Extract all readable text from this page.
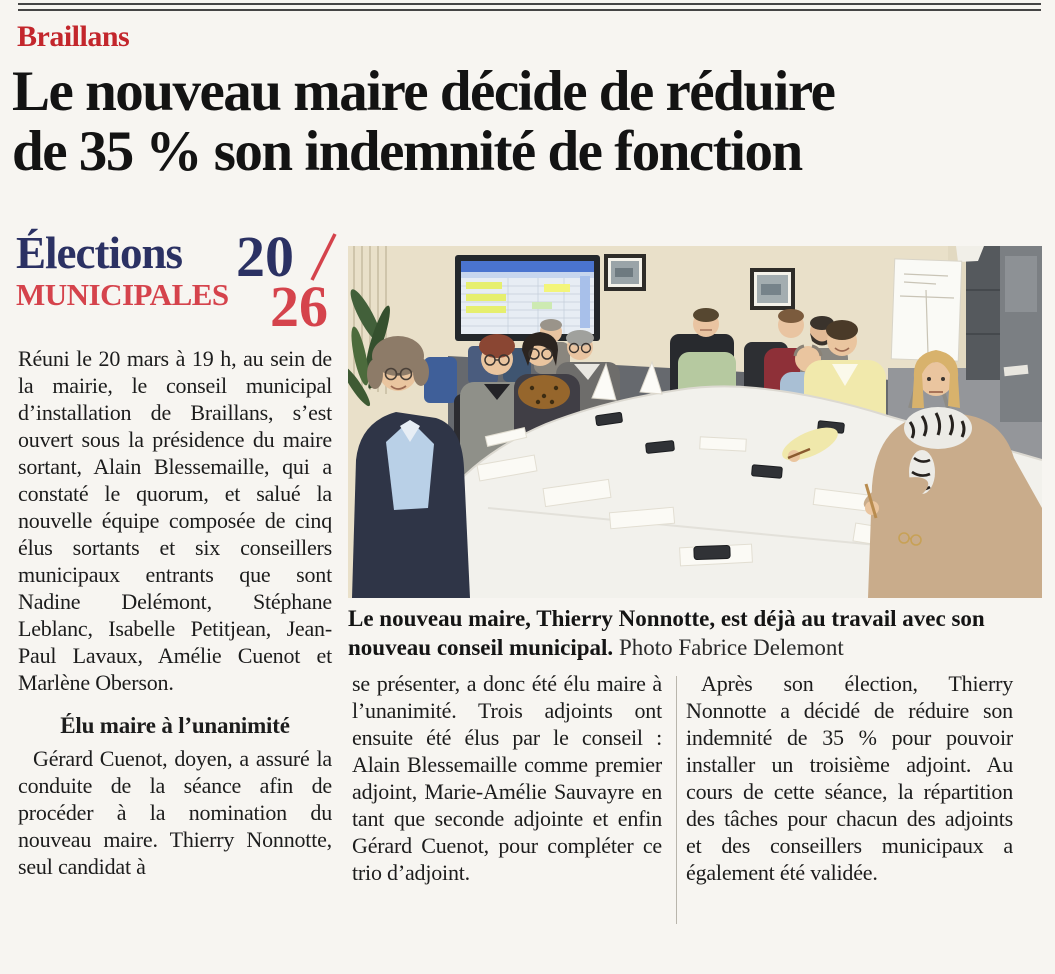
Braillans
Le nouveau maire décide de réduire
de 35 % son indemnité de fonction
Élections
MUNICIPALES
20
26

Le nouveau maire, Thierry Nonnotte, est déjà au travail avec son nouveau conseil municipal. Photo Fabrice Delemont

Réuni le 20 mars à 19 h, au sein de la mairie, le conseil municipal d’installation de Braillans, s’est ouvert sous la présidence du maire sortant, Alain Blessemaille, qui a constaté le quorum, et salué la nouvelle équipe composée de cinq élus sortants et six conseillers municipaux entrants que sont Nadine Delémont, Stéphane Leblanc, Isabelle Petitjean, Jean-Paul Lavaux, Amélie Cuenot et Marlène Oberson.

Élu maire à l’unanimité

Gérard Cuenot, doyen, a assuré la conduite de la séance afin de procéder à la nomination du nouveau maire. Thierry Nonnotte, seul candidat à

se présenter, a donc été élu maire à l’unanimité. Trois adjoints ont ensuite été élus par le conseil : Alain Blessemaille comme premier adjoint, Marie-Amélie Sauvayre en tant que seconde adjointe et enfin Gérard Cuenot, pour compléter ce trio d’adjoint.

Après son élection, Thierry Nonnotte a décidé de réduire son indemnité de 35 % pour pouvoir installer un troisième adjoint. Au cours de cette séance, la répartition des tâches pour chacun des adjoints et des conseillers municipaux a également été validée.
